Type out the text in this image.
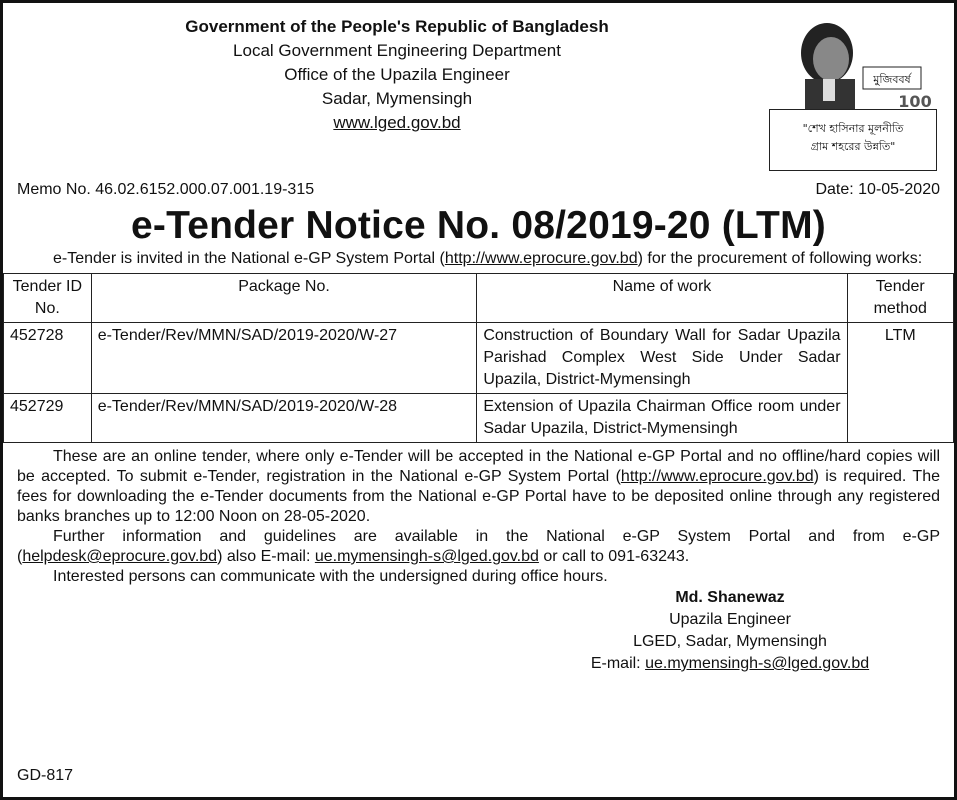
Government of the People's Republic of Bangladesh
Local Government Engineering Department
Office of the Upazila Engineer
Sadar, Mymensingh
www.lged.gov.bd
মুজিববর্ষ
100
"শেখ হাসিনার মূলনীতি
গ্রাম শহরের উন্নতি"
Memo No. 46.02.6152.000.07.001.19-315	Date: 10-05-2020
e-Tender Notice No. 08/2019-20 (LTM)

e-Tender is invited in the National e-GP System Portal (http://www.eprocure.gov.bd) for the procurement of following works:

Tender ID No.	Package No.	Name of work	Tender method
452728	e-Tender/Rev/MMN/SAD/2019-2020/W-27	Construction of Boundary Wall for Sadar Upazila Parishad Complex West Side Under Sadar Upazila, District-Mymensingh	LTM
452729	e-Tender/Rev/MMN/SAD/2019-2020/W-28	Extension of Upazila Chairman Office room under Sadar Upazila, District-Mymensingh	

These are an online tender, where only e-Tender will be accepted in the National e-GP Portal and no offline/hard copies will be accepted. To submit e-Tender, registration in the National e-GP System Portal (http://www.eprocure.gov.bd) is required. The fees for downloading the e-Tender documents from the National e-GP Portal have to be deposited online through any registered banks branches up to 12:00 Noon on 28-05-2020.

Further information and guidelines are available in the National e-GP System Portal and from e-GP (helpdesk@eprocure.gov.bd) also E-mail: ue.mymensingh-s@lged.gov.bd or call to 091-63243.

Interested persons can communicate with the undersigned during office hours.

Md. Shanewaz
Upazila Engineer
LGED, Sadar, Mymensingh
E-mail: ue.mymensingh-s@lged.gov.bd
GD-817
